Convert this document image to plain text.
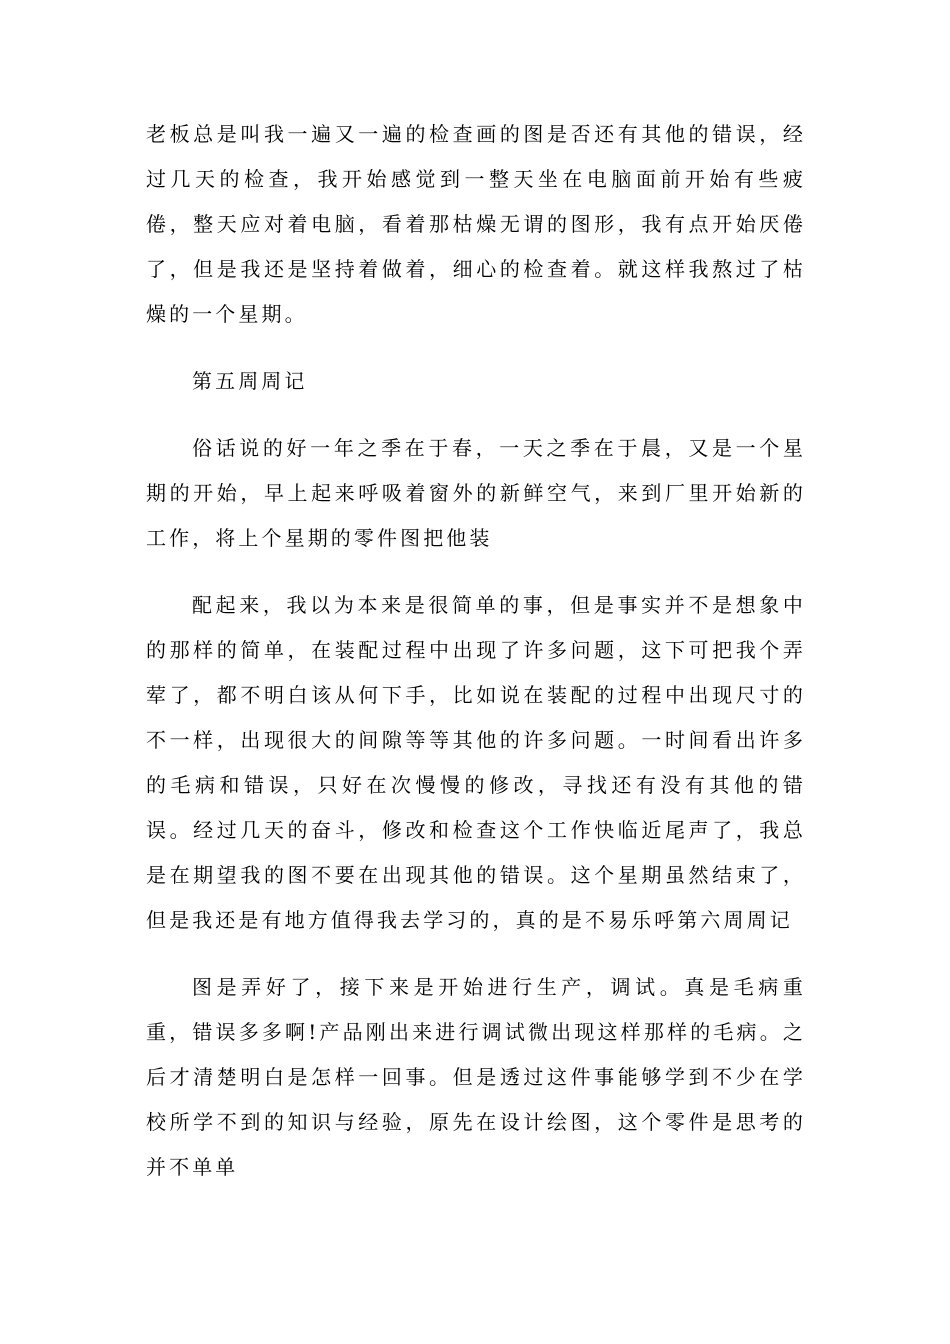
老板总是叫我一遍又一遍的检查画的图是否还有其他的错误，经过几天的检查，我开始感觉到一整天坐在电脑面前开始有些疲倦，整天应对着电脑，看着那枯燥无谓的图形，我有点开始厌倦了，但是我还是坚持着做着，细心的检查着。就这样我熬过了枯燥的一个星期。

第五周周记

俗话说的好一年之季在于春，一天之季在于晨，又是一个星期的开始，早上起来呼吸着窗外的新鲜空气，来到厂里开始新的工作，将上个星期的零件图把他装

配起来，我以为本来是很简单的事，但是事实并不是想象中的那样的简单，在装配过程中出现了许多问题，这下可把我个弄荤了，都不明白该从何下手，比如说在装配的过程中出现尺寸的不一样，出现很大的间隙等等其他的许多问题。一时间看出许多的毛病和错误，只好在次慢慢的修改，寻找还有没有其他的错误。经过几天的奋斗，修改和检查这个工作快临近尾声了，我总是在期望我的图不要在出现其他的错误。这个星期虽然结束了，但是我还是有地方值得我去学习的，真的是不易乐呼第六周周记

图是弄好了，接下来是开始进行生产，调试。真是毛病重重，错误多多啊!产品刚出来进行调试微出现这样那样的毛病。之后才清楚明白是怎样一回事。但是透过这件事能够学到不少在学校所学不到的知识与经验，原先在设计绘图，这个零件是思考的并不单单
